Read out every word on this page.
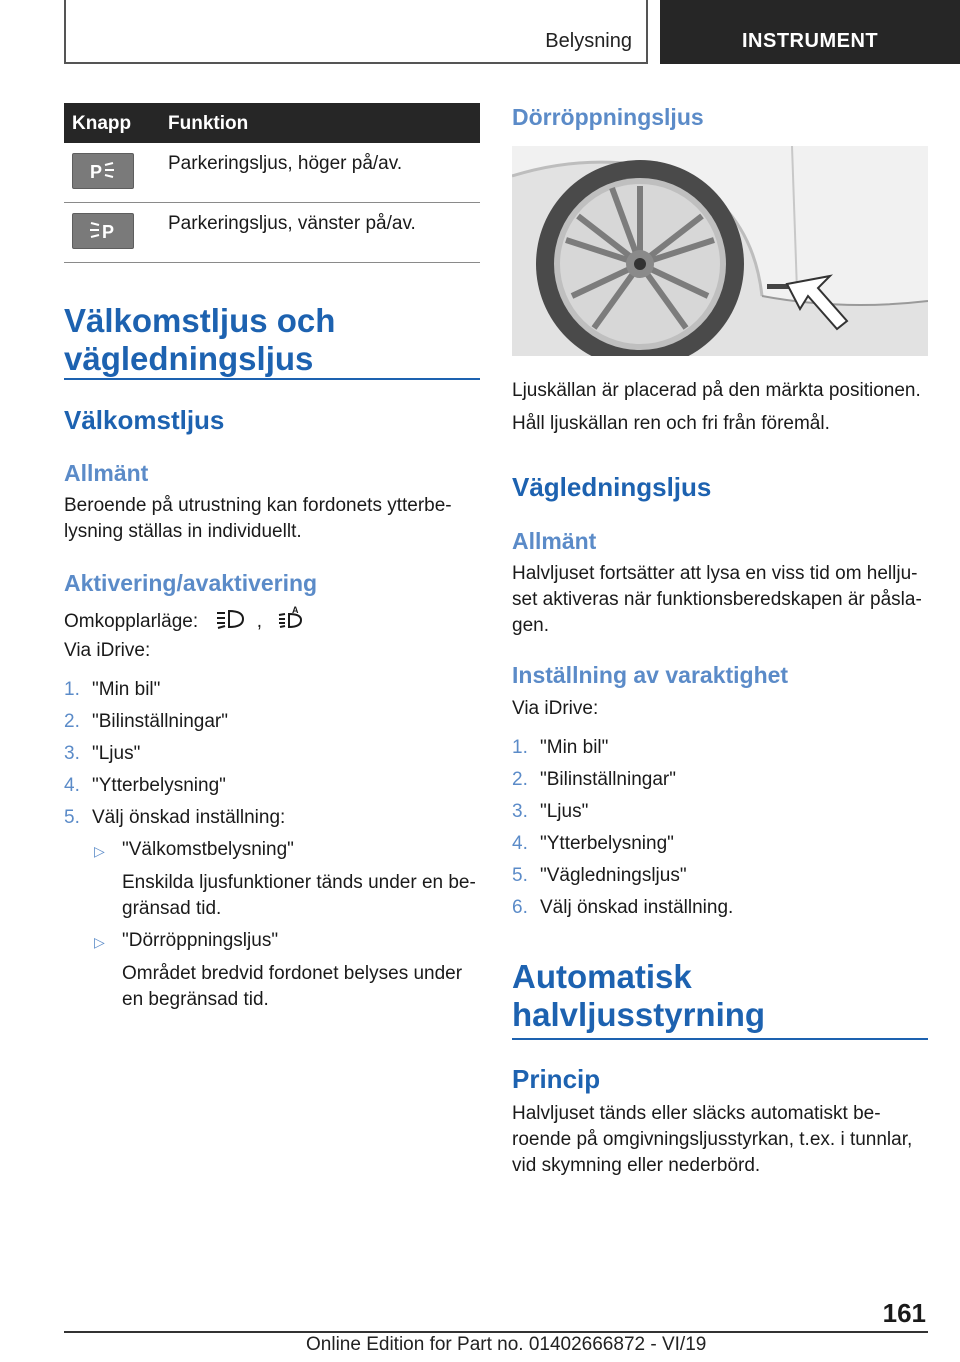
Belysning	INSTRUMENT
Knapp Funktion
P	Parkeringsljus, höger på/av.
P	Parkeringsljus, vänster på/av.
Välkomstljus och
vägledningsljus
Välkomstljus
Allmänt
Beroende på utrustning kan fordonets ytterbe-
lysning ställas in individuellt.
Aktivering/avaktivering
Omkopplarläge:	,
A
Via iDrive:
1. "Min bil"
2. "Bilinställningar"
3. "Ljus"
4. "Ytterbelysning"
5. Välj önskad inställning:
▷ "Välkomstbelysning"
Enskilda ljusfunktioner tänds under en be-
gränsad tid.
▷ "Dörröppningsljus"
Området bredvid fordonet belyses under
en begränsad tid.
Dörröppningsljus
Ljuskällan är placerad på den märkta positionen.
Håll ljuskällan ren och fri från föremål.
Vägledningsljus
Allmänt
Halvljuset fortsätter att lysa en viss tid om hellju-
set aktiveras när funktionsberedskapen är påsla-
gen.
Inställning av varaktighet
Via iDrive:
1. "Min bil"
2. "Bilinställningar"
3. "Ljus"
4. "Ytterbelysning"
5. "Vägledningsljus"
6. Välj önskad inställning.
Automatisk
halvljusstyrning
Princip
Halvljuset tänds eller släcks automatiskt be-
roende på omgivningsljusstyrkan, t.ex. i tunnlar,
vid skymning eller nederbörd.
161
Online Edition for Part no. 01402666872 - VI/19
